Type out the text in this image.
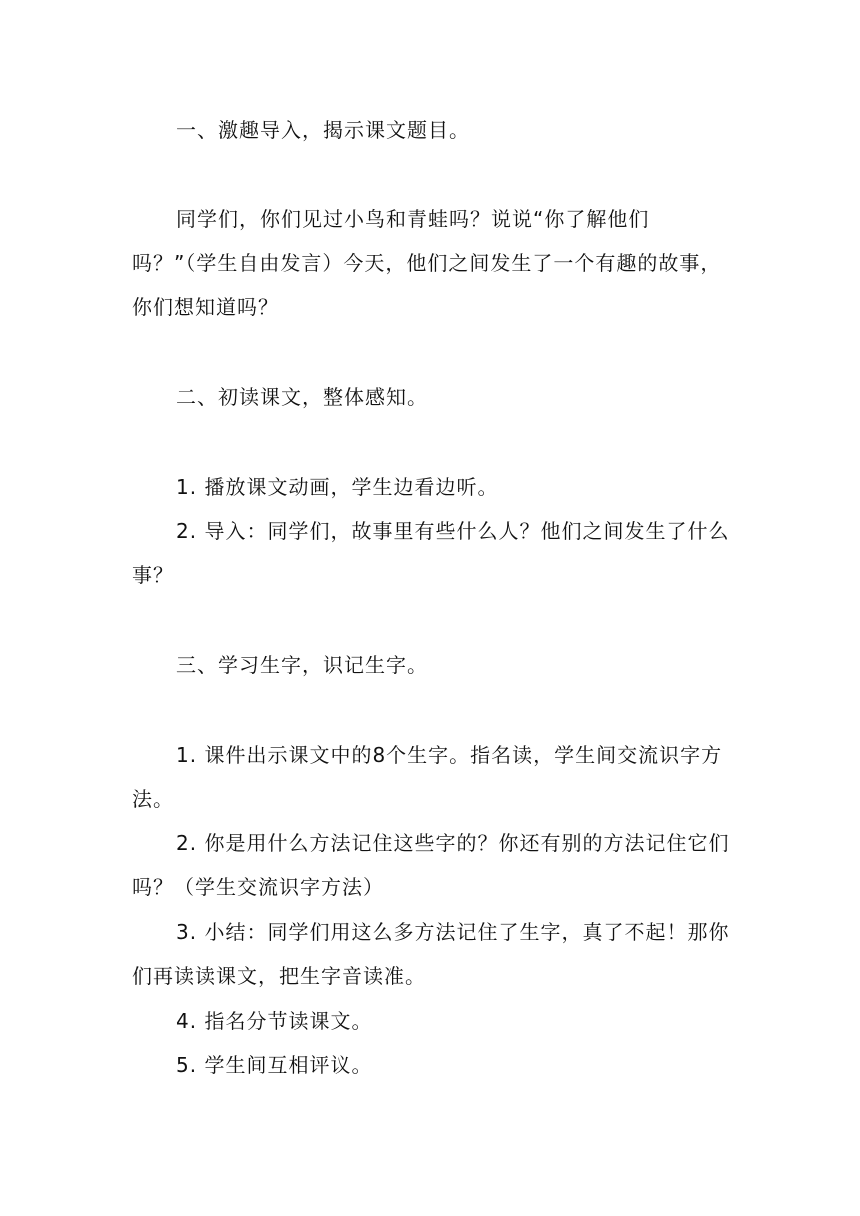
一、激趣导入，揭示课文题目。

同学们，你们见过小鸟和青蛙吗？说说“你了解他们吗？”（学生自由发言）今天，他们之间发生了一个有趣的故事，你们想知道吗？

二、初读课文，整体感知。

1. 播放课文动画，学生边看边听。

2. 导入：同学们，故事里有些什么人？他们之间发生了什么事？

三、学习生字，识记生字。

1. 课件出示课文中的8个生字。指名读，学生间交流识字方法。

2. 你是用什么方法记住这些字的？你还有别的方法记住它们吗？（学生交流识字方法）

3. 小结：同学们用这么多方法记住了生字，真了不起！那你们再读读课文，把生字音读准。

4. 指名分节读课文。

5. 学生间互相评议。
